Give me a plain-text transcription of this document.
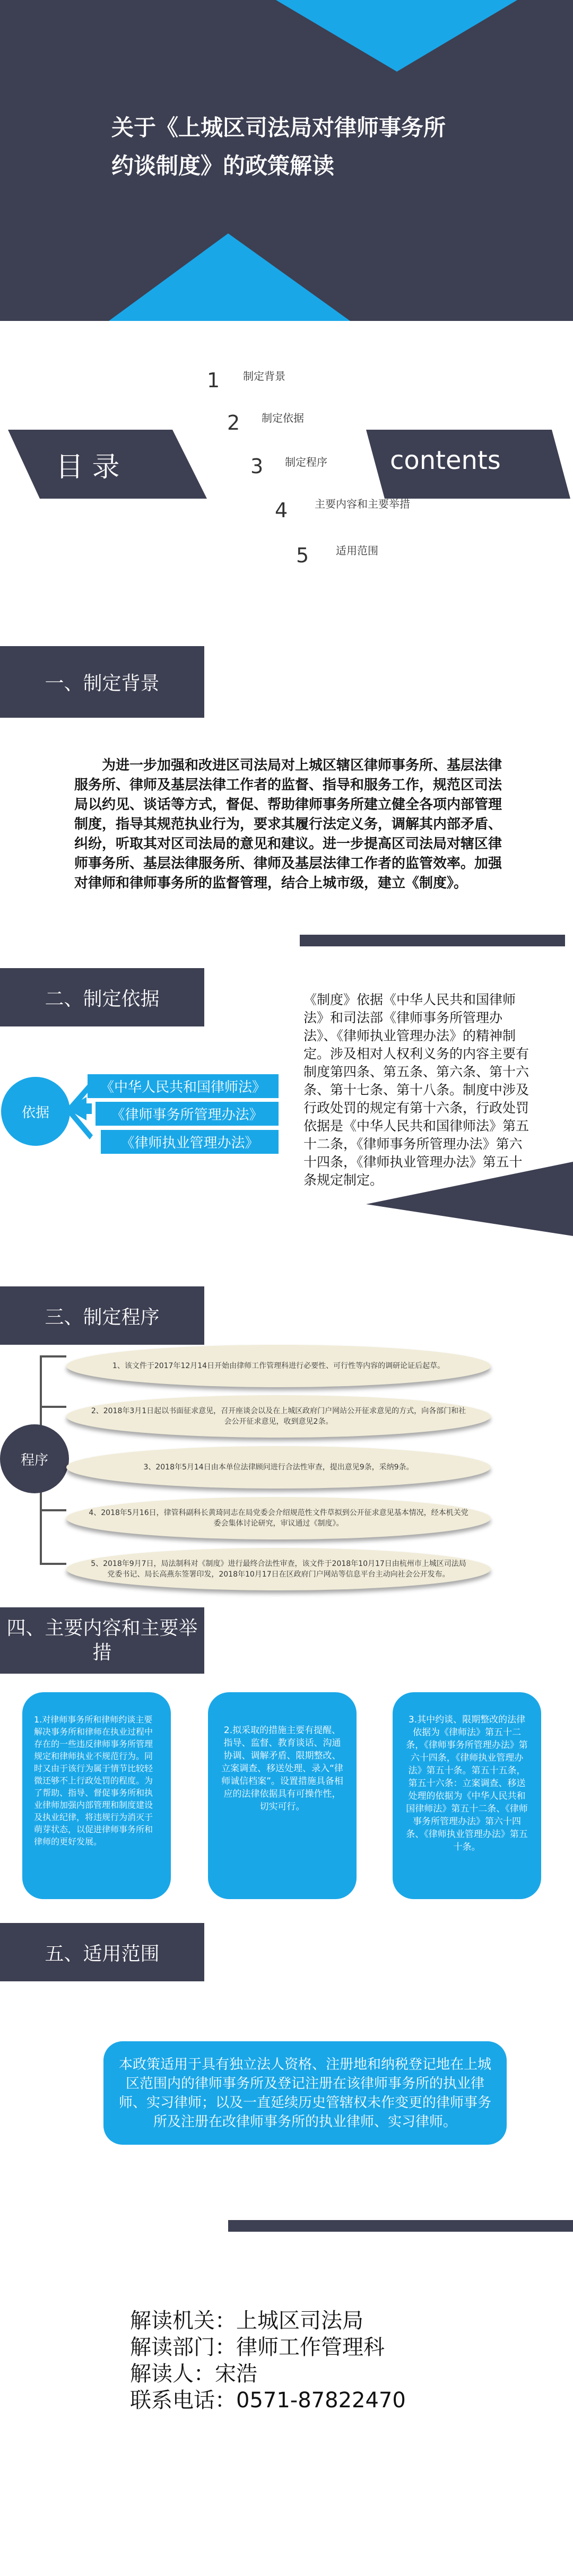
关于《上城区司法局对律师事务所
约谈制度》的政策解读
目 录	contents
1 制定背景
2 制定依据
3 制定程序
4	主要内容和主要举措
5	适用范围
一、制定背景
为进一步加强和改进区司法局对上城区辖区律师事务所、基层法律服务所、律师及基层法律工作者的监督、指导和服务工作，规范区司法局以约见、谈话等方式，督促、帮助律师事务所建立健全各项内部管理制度，指导其规范执业行为，要求其履行法定义务，调解其内部矛盾、纠纷，听取其对区司法局的意见和建议。进一步提高区司法局对辖区律师事务所、基层法律服务所、律师及基层法律工作者的监管效率。加强对律师和律师事务所的监督管理，结合上城市级，建立《制度》。
二、制定依据
依据
《中华人民共和国律师法》
《律师事务所管理办法》
《律师执业管理办法》
《制度》依据《中华人民共和国律师法》和司法部《律师事务所管理办法》、《律师执业管理办法》的精神制定。涉及相对人权利义务的内容主要有制度第四条、第五条、第六条、第十六条、第十七条、第十八条。制度中涉及行政处罚的规定有第十六条，行政处罚依据是《中华人民共和国律师法》第五十二条，《律师事务所管理办法》第六十四条，《律师执业管理办法》第五十条规定制定。
三、制定程序
程序
1、该文件于2017年12月14日开始由律师工作管理科进行必要性、可行性等内容的调研论证后起草。
2、2018年3月1日起以书面征求意见，召开座谈会以及在上城区政府门户网站公开征求意见的方式，向各部门和社会公开征求意见，收到意见2条。
3、2018年5月14日由本单位法律顾问进行合法性审查，提出意见9条，采纳9条。
4、2018年5月16日，律管科副科长黄琦同志在局党委会介绍规范性文件草拟到公开征求意见基本情况，经本机关党委会集体讨论研究，审议通过《制度》。
5、2018年9月7日，局法制科对《制度》进行最终合法性审查，该文件于2018年10月17日由杭州市上城区司法局党委书记、局长高燕东签署印发，2018年10月17日在区政府门户网站等信息平台主动向社会公开发布。
四、主要内容和主要举
措
1.对律师事务所和律师约谈主要解决事务所和律师在执业过程中存在的一些违反律师事务所管理规定和律师执业不规范行为。同时又由于该行为属于情节比较轻微还够不上行政处罚的程度。为了帮助、指导、督促事务所和执业律师加强内部管理和制度建设及执业纪律，将违规行为消灭于萌芽状态，以促进律师事务所和律师的更好发展。
2.拟采取的措施主要有提醒、指导、监督、教育谈话、沟通协调、调解矛盾、限期整改、立案调查、移送处理、录入“律师诚信档案”。设置措施具备相应的法律依据具有可操作性，切实可行。
3.其中约谈、限期整改的法律依据为《律师法》第五十二条，《律师事务所管理办法》第六十四条，《律师执业管理办法》第五十条。第五十五条，第五十六条：立案调查、移送处理的依据为《中华人民共和国律师法》第五十二条、《律师事务所管理办法》第六十四条、《律师执业管理办法》第五十条。
五、适用范围
本政策适用于具有独立法人资格、注册地和纳税登记地在上城区范围内的律师事务所及登记注册在该律师事务所的执业律师、实习律师；以及一直延续历史管辖权未作变更的律师事务所及注册在改律师事务所的执业律师、实习律师。
解读机关：上城区司法局
解读部门：律师工作管理科
解读人：宋浩
联系电话：0571-87822470
